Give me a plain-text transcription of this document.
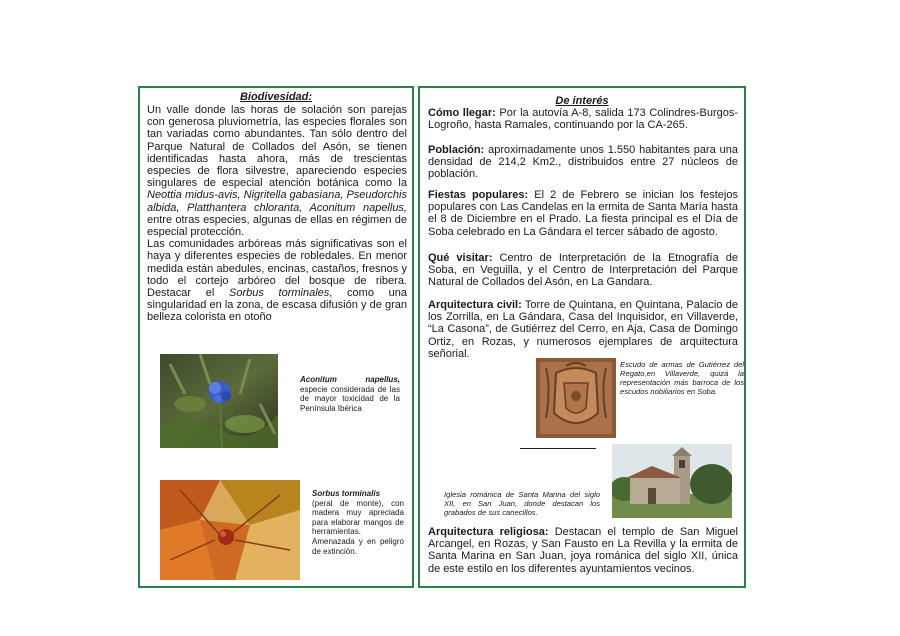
Biodivesidad:

Un valle donde las horas de solación son parejas con generosa pluviometría, las especies florales son tan variadas como abundantes. Tan sólo dentro del Parque Natural de Collados del Asón, se tienen identificadas hasta ahora, más de trescientas especies de flora silvestre, apareciendo especies singulares de especial atención botánica como la Neottia midus-avis, Nigritella gabasiana, Pseudorchis albida, Platthantera chloranta, Aconitum napellus, entre otras especies, algunas de ellas en régimen de especial protección.
Las comunidades arbóreas más significativas son el haya y diferentes especies de robledales. En menor medida están abedules, encinas, castaños, fresnos y todo el cortejo arbóreo del bosque de ribera. Destacar el Sorbus torminales, como una singularidad en la zona, de escasa difusión y de gran belleza colorista en otoño
Aconitum napellus, especie considerada de las de mayor toxicidad de la Península Ibérica
Sorbus torminalis
(peral de monte), con madera muy apreciada para elaborar mangos de herramientas. Amenazada y en peligro de extinción.

De interés

Cómo llegar: Por la autovía A-8, salida 173 Colindres-Burgos-Logroño, hasta Ramales, continuando por la CA-265.
Población: aproximadamente unos 1.550 habitantes para una densidad de 214,2 Km2., distribuidos entre 27 núcleos de población.
Fiestas populares: El 2 de Febrero se inician los festejos populares con Las Candelas en la ermita de Santa María hasta el 8 de Diciembre en el Prado. La fiesta principal es el Día de Soba celebrado en La Gándara el tercer sábado de agosto.
Qué visitar: Centro de Interpretación de la Etnografía de Soba, en Veguilla, y el Centro de Interpretación del Parque Natural de Collados del Asón, en La Gandara.
Arquitectura civil: Torre de Quintana, en Quintana, Palacio de los Zorrilla, en La Gándara, Casa del Inquisidor, en Villaverde, “La Casona”, de Gutiérrez del Cerro, en Aja, Casa de Domingo Ortiz, en Rozas, y numerosos ejemplares de arquitectura señorial.
Escudo de armas de Gutiérrez del Regato,en Villaverde, quizá la representación más barroca de los escudos nobiliarios en Soba.
Iglesia románica de Santa Marina del siglo XII, en San Juan, donde destacan los grabados de sus canecillos.
Arquitectura religiosa: Destacan el templo de San Miguel Arcangel, en Rozas, y San Fausto en La Revilla y la ermita de Santa Marina en San Juan, joya románica del siglo XII, única de este estilo en los diferentes ayuntamientos vecinos.
